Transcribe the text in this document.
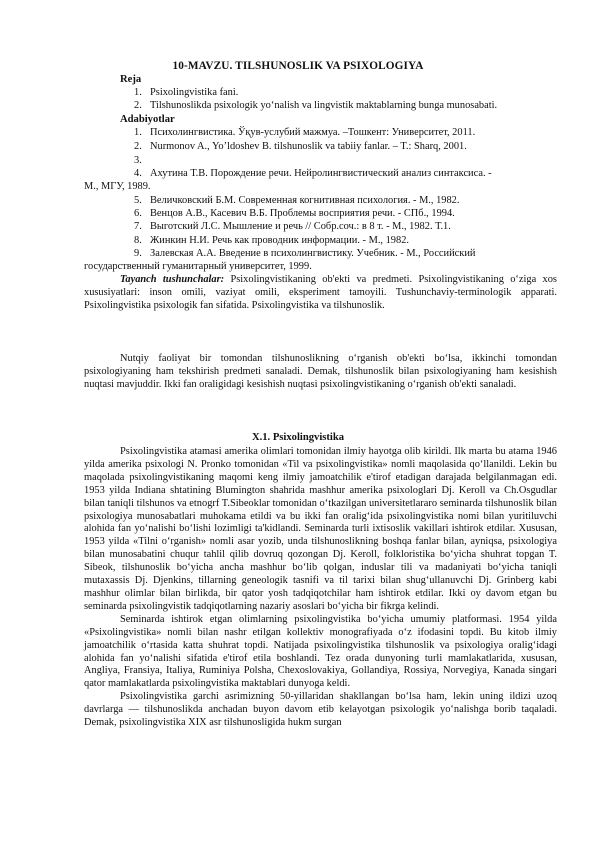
10-MAVZU. TILSHUNOSLIK VA PSIXOLOGIYA
Reja
1. Psixolingvistika fani.
2. Tilshunoslikda psixologik yo‘nalish va lingvistik maktablarning bunga munosabati.
Adabiyotlar
1. Психолингвистика. Ўқув-услубий мажмуа. –Тошкент: Университет, 2011.
2. Nurmonov A., Yo’ldoshev B. tilshunoslik va tabiiy fanlar. – T.: Sharq, 2001.
3.
4. Ахутина Т.В. Порождение речи. Нейролингвистический анализ синтаксиса. -
М., МГУ, 1989.
5. Величковский Б.М. Современная когнитивная психология. - М., 1982.
6. Венцов А.В., Касевич В.Б. Проблемы восприятия речи. - СПб., 1994.
7. Выготский Л.С. Мышление и речь // Собр.соч.: в 8 т. - М., 1982. Т.1.
8. Жинкин Н.И. Речь как проводник информации. - М., 1982.
9. Залевская А.А. Введение в психолингвистику. Учебник. - М., Российский
государственный гуманитарный университет, 1999.
Tayanch tushunchalar: Psixolingvistikaning ob'ekti va predmeti. Psixolingvistikaning o‘ziga xos xususiyatlari: inson omili, vaziyat omili, eksperiment tamoyili. Tushunchaviy-terminologik apparati. Psixolingvistika psixologik fan sifatida. Psixolingvistika va tilshunoslik.
Nutqiy faoliyat bir tomondan tilshunoslikning o‘rganish ob'ekti bo‘lsa, ikkinchi tomondan psixologiyaning ham tekshirish predmeti sanaladi. Demak, tilshunoslik bilan psixologiyaning ham kesishish nuqtasi mavjuddir. Ikki fan oraligidagi kesishish nuqtasi psixolingvistikaning o‘rganish ob'ekti sanaladi.
X.1. Psixolingvistika
Psixolingvistika atamasi amerika olimlari tomonidan ilmiy hayotga olib kirildi. Ilk marta bu atama 1946 yilda amerika psixologi N. Pronko tomonidan «Til va psixolingvistika» nomli maqolasida qo‘llanildi. Lekin bu maqolada psixolingvistikaning maqomi keng ilmiy jamoatchilik e'tirof etadigan darajada belgilanmagan edi. 1953 yilda Indiana shtatining Blumington shahrida mashhur amerika psixologlari Dj. Keroll va Ch.Osgudlar bilan taniqli tilshunos va etnogrf T.Sibeoklar tomonidan o‘tkazilgan universitetlararo seminarda tilshunoslik bilan psixologiya munosabatlari muhokama etildi va bu ikki fan oralig‘ida psixolingvistika nomi bilan yuritiluvchi alohida fan yo‘nalishi bo‘lishi lozimligi ta'kidlandi. Seminarda turli ixtisoslik vakillari ishtirok etdilar. Xususan, 1953 yilda «Tilni o‘rganish» nomli asar yozib, unda tilshunoslikning boshqa fanlar bilan, ayniqsa, psixologiya bilan munosabatini chuqur tahlil qilib dovruq qozongan Dj. Keroll, folkloristika bo‘yicha shuhrat topgan T. Sibeok, tilshunoslik bo‘yicha ancha mashhur bo‘lib qolgan, induslar tili va madaniyati bo‘yicha taniqli mutaxassis Dj. Djenkins, tillarning geneologik tasnifi va til tarixi bilan shug‘ullanuvchi Dj. Grinberg kabi mashhur olimlar bilan birlikda, bir qator yosh tadqiqotchilar ham ishtirok etdilar. Ikki oy davom etgan bu seminarda psixolingvistik tadqiqotlarning nazariy asoslari bo‘yicha bir fikrga kelindi.
Seminarda ishtirok etgan olimlarning psixolingvistika bo‘yicha umumiy platformasi. 1954 yilda «Psixolingvistika» nomli bilan nashr etilgan kollektiv monografiyada o‘z ifodasini topdi. Bu kitob ilmiy jamoatchilik o‘rtasida katta shuhrat topdi. Natijada psixolingvistika tilshunoslik va psixologiya oralig‘idagi alohida fan yo‘nalishi sifatida e'tirof etila boshlandi. Tez orada dunyoning turli mamlakatlarida, xususan, Angliya, Fransiya, Italiya, Ruminiya Polsha, Chexoslovakiya, Gollandiya, Rossiya, Norvegiya, Kanada singari qator mamlakatlarda psixolingvistika maktablari dunyoga keldi.
Psixolingvistika garchi asrimizning 50-yillaridan shakllangan bo‘lsa ham, lekin uning ildizi uzoq davrlarga — tilshunoslikda anchadan buyon davom etib kelayotgan psixologik yo‘nalishga borib taqaladi. Demak, psixolingvistika XIX asr tilshunosligida hukm surgan
